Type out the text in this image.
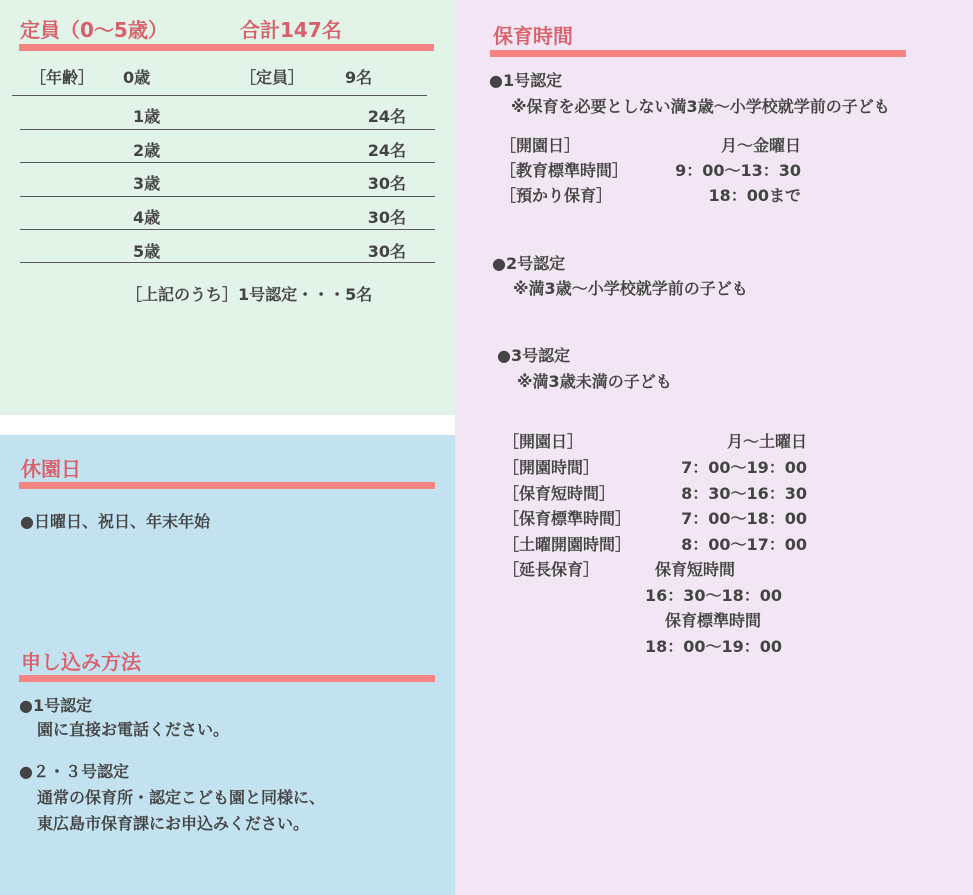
定員（0～5歳）	合計147名
［年齢］ 0歳	［定員］	9名
1歳	24名
2歳	24名
3歳	30名
4歳	30名
5歳	30名
［上記のうち］1号認定・・・5名
保育時間
●1号認定
※保育を必要としない満3歳～小学校就学前の子ども
［開園日］	月～金曜日
［教育標準時間］	9：00～13：30
［預かり保育］	18：00まで
●2号認定
※満3歳～小学校就学前の子ども
●3号認定
※満3歳未満の子ども
［開園日］	月～土曜日
［開園時間］	7：00～19：00
［保育短時間］	8：30～16：30
［保育標準時間］	7：00～18：00
［土曜開園時間］	8：00～17：00
［延長保育］	保育短時間
16：30～18：00
保育標準時間
18：00～19：00
休園日
●日曜日、祝日、年末年始
申し込み方法
●1号認定
園に直接お電話ください。
●２・３号認定
通常の保育所・認定こども園と同様に、
東広島市保育課にお申込みください。
